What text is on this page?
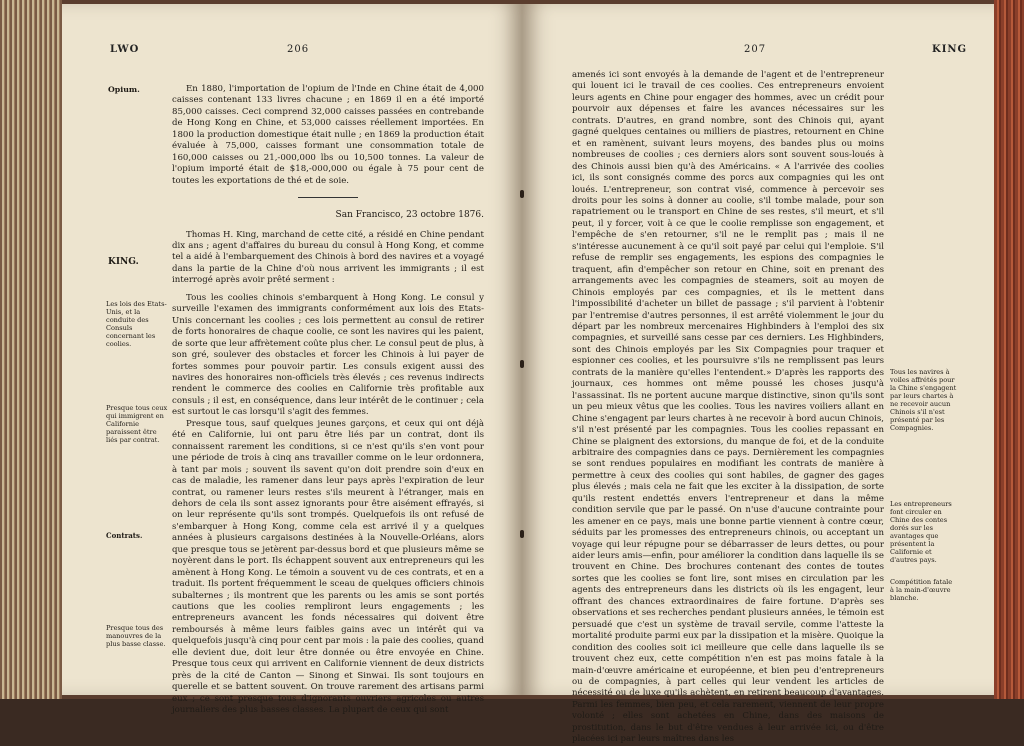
LWO	206
Opium.
KING.
Les lois des Etats-Unis, et la conduite des Consuls concernant les coolies.
Presque tous ceux qui immigrent en Californie paraissent être liés par contrat.
Contrats.
Presque tous des manouvres de la plus basse classe.

En 1880, l'importation de l'opium de l'Inde en Chine était de 4,000 caisses contenant 133 livres chacune ; en 1869 il en a été importé 85,000 caisses. Ceci comprend 32,000 caisses passées en contrebande de Hong Kong en Chine, et 53,000 caisses réellement importées. En 1800 la production domestique était nulle ; en 1869 la production était évaluée à 75,000, caisses formant une consommation totale de 160,000 caisses ou 21,-000,000 lbs ou 10,500 tonnes. La valeur de l'opium importé était de $18,-000,000 ou égale à 75 pour cent de toutes les exportations de thé et de soie.

San Francisco, 23 octobre 1876.

Thomas H. King, marchand de cette cité, a résidé en Chine pendant dix ans ; agent d'affaires du bureau du consul à Hong Kong, et comme tel a aidé à l'embarquement des Chinois à bord des navires et a voyagé dans la partie de la Chine d'où nous arrivent les immigrants ; il est interrogé après avoir prêté serment :

Tous les coolies chinois s'embarquent à Hong Kong. Le consul y surveille l'examen des immigrants conformément aux lois des Etats-Unis concernant les coolies ; ces lois permettent au consul de retirer de forts honoraires de chaque coolie, ce sont les navires qui les paient, de sorte que leur affrètement coûte plus cher. Le consul peut de plus, à son gré, soulever des obstacles et forcer les Chinois à lui payer de fortes sommes pour pouvoir partir. Les consuls exigent aussi des navires des honoraires non-officiels très élevés ; ces revenus indirects rendent le commerce des coolies en Californie très profitable aux consuls ; il est, en conséquence, dans leur intérêt de le continuer ; cela est surtout le cas lorsqu'il s'agit des femmes.

Presque tous, sauf quelques jeunes garçons, et ceux qui ont déjà été en Californie, lui ont paru être liés par un contrat, dont ils connaissent rarement les conditions, si ce n'est qu'ils s'en vont pour une période de trois à cinq ans travailler comme on le leur ordonnera, à tant par mois ; souvent ils savent qu'on doit prendre soin d'eux en cas de maladie, les ramener dans leur pays après l'expiration de leur contrat, ou ramener leurs restes s'ils meurent à l'étranger, mais en dehors de cela ils sont assez ignorants pour être aisément effrayés, si on leur représente qu'ils sont trompés. Quelquefois ils ont refusé de s'embarquer à Hong Kong, comme cela est arrivé il y a quelques années à plusieurs cargaisons destinées à la Nouvelle-Orléans, alors que presque tous se jetèrent par-dessus bord et que plusieurs même se noyèrent dans le port. Ils échappent souvent aux entrepreneurs qui les amènent à Hong Kong. Le témoin a souvent vu de ces contrats, et en a traduit. Ils portent fréquemment le sceau de quelques officiers chinois subalternes ; ils montrent que les parents ou les amis se sont portés cautions que les coolies rempliront leurs engagements ; les entrepreneurs avancent les fonds nécessaires qui doivent être remboursés à même leurs faibles gains avec un intérêt qui va quelquefois jusqu'à cinq pour cent par mois : la paie des coolies, quand elle devient due, doit leur être donnée ou être envoyée en Chine. Presque tous ceux qui arrivent en Californie viennent de deux districts près de la cité de Canton — Sinong et Sinwai. Ils sont toujours en querelle et se battent souvent. On trouve rarement des artisans parmi eux ; ce sont presque tous d'ignorants ouvriers agricoles ou autres journaliers des plus basses classes. La plupart de ceux qui sont

207	KING

amenés ici sont envoyés à la demande de l'agent et de l'entrepreneur qui louent ici le travail de ces coolies. Ces entrepreneurs envoient leurs agents en Chine pour engager des hommes, avec un crédit pour pourvoir aux dépenses et faire les avances nécessaires sur les contrats. D'autres, en grand nombre, sont des Chinois qui, ayant gagné quelques centaines ou milliers de piastres, retournent en Chine et en ramènent, suivant leurs moyens, des bandes plus ou moins nombreuses de coolies ; ces derniers alors sont souvent sous-loués à des Chinois aussi bien qu'à des Américains. « A l'arrivée des coolies ici, ils sont consignés comme des porcs aux compagnies qui les ont loués. L'entrepreneur, son contrat visé, commence à percevoir ses droits pour les soins à donner au coolie, s'il tombe malade, pour son rapatriement ou le transport en Chine de ses restes, s'il meurt, et s'il peut, il y forcer, voit à ce que le coolie remplisse son engagement, et l'empêche de s'en retourner, s'il ne le remplit pas ; mais il ne s'intéresse aucunement à ce qu'il soit payé par celui qui l'emploie. S'il refuse de remplir ses engagements, les espions des compagnies le traquent, afin d'empêcher son retour en Chine, soit en prenant des arrangements avec les compagnies de steamers, soit au moyen de Chinois employés par ces compagnies, et ils le mettent dans l'impossibilité d'acheter un billet de passage ; s'il parvient à l'obtenir par l'entremise d'autres personnes, il est arrêté violemment le jour du départ par les nombreux mercenaires Highbinders à l'emploi des six compagnies, et surveillé sans cesse par ces derniers. Les Highbinders, sont des Chinois employés par les Six Compagnies pour traquer et espionner ces coolies, et les poursuivre s'ils ne remplissent pas leurs contrats de la manière qu'elles l'entendent.» D'après les rapports des journaux, ces hommes ont même poussé les choses jusqu'à l'assassinat. Ils ne portent aucune marque distinctive, sinon qu'ils sont un peu mieux vêtus que les coolies. Tous les navires voiliers allant en Chine s'engagent par leurs chartes à ne recevoir à bord aucun Chinois, s'il n'est présenté par les compagnies. Tous les coolies repassant en Chine se plaignent des extorsions, du manque de foi, et de la conduite arbitraire des compagnies dans ce pays. Dernièrement les compagnies se sont rendues populaires en modifiant les contrats de manière à permettre à ceux des coolies qui sont habiles, de gagner des gages plus élevés ; mais cela ne fait que les exciter à la dissipation, de sorte qu'ils restent endettés envers l'entrepreneur et dans la même condition servile que par le passé. On n'use d'aucune contrainte pour les amener en ce pays, mais une bonne partie viennent à contre cœur, séduits par les promesses des entrepreneurs chinois, ou acceptant un voyage qui leur répugne pour se débarrasser de leurs dettes, ou pour aider leurs amis—enfin, pour améliorer la condition dans laquelle ils se trouvent en Chine. Des brochures contenant des contes de toutes sortes que les coolies se font lire, sont mises en circulation par les agents des entrepreneurs dans les districts où ils les engagent, leur offrant des chances extraordinaires de faire fortune. D'après ses observations et ses recherches pendant plusieurs années, le témoin est persuadé que c'est un système de travail servile, comme l'atteste la mortalité produite parmi eux par la dissipation et la misère. Quoique la condition des coolies soit ici meilleure que celle dans laquelle ils se trouvent chez eux, cette compétition n'en est pas moins fatale à la main-d'œuvre américaine et européenne, et bien peu d'entrepreneurs ou de compagnies, à part celles qui leur vendent les articles de nécessité ou de luxe qu'ils achètent, en retirent beaucoup d'avantages. Parmi les femmes, bien peu, et cela rarement, viennent de leur propre volonté ; elles sont achetées en Chine, dans des maisons de prostitution, dans le but d'être vendues à leur arrivée ici, ou d'être placées ici par leurs maîtres dans les

Tous les navires à voiles affrétés pour la Chine s'engagent par leurs chartes à ne recevoir aucun Chinois s'il n'est présenté par les Compagnies.
Les entrepreneurs font circuler en Chine des contes dorés sur les avantages que présentent la Californie et d'autres pays.
Compétition fatale à la main-d'œuvre blanche.
